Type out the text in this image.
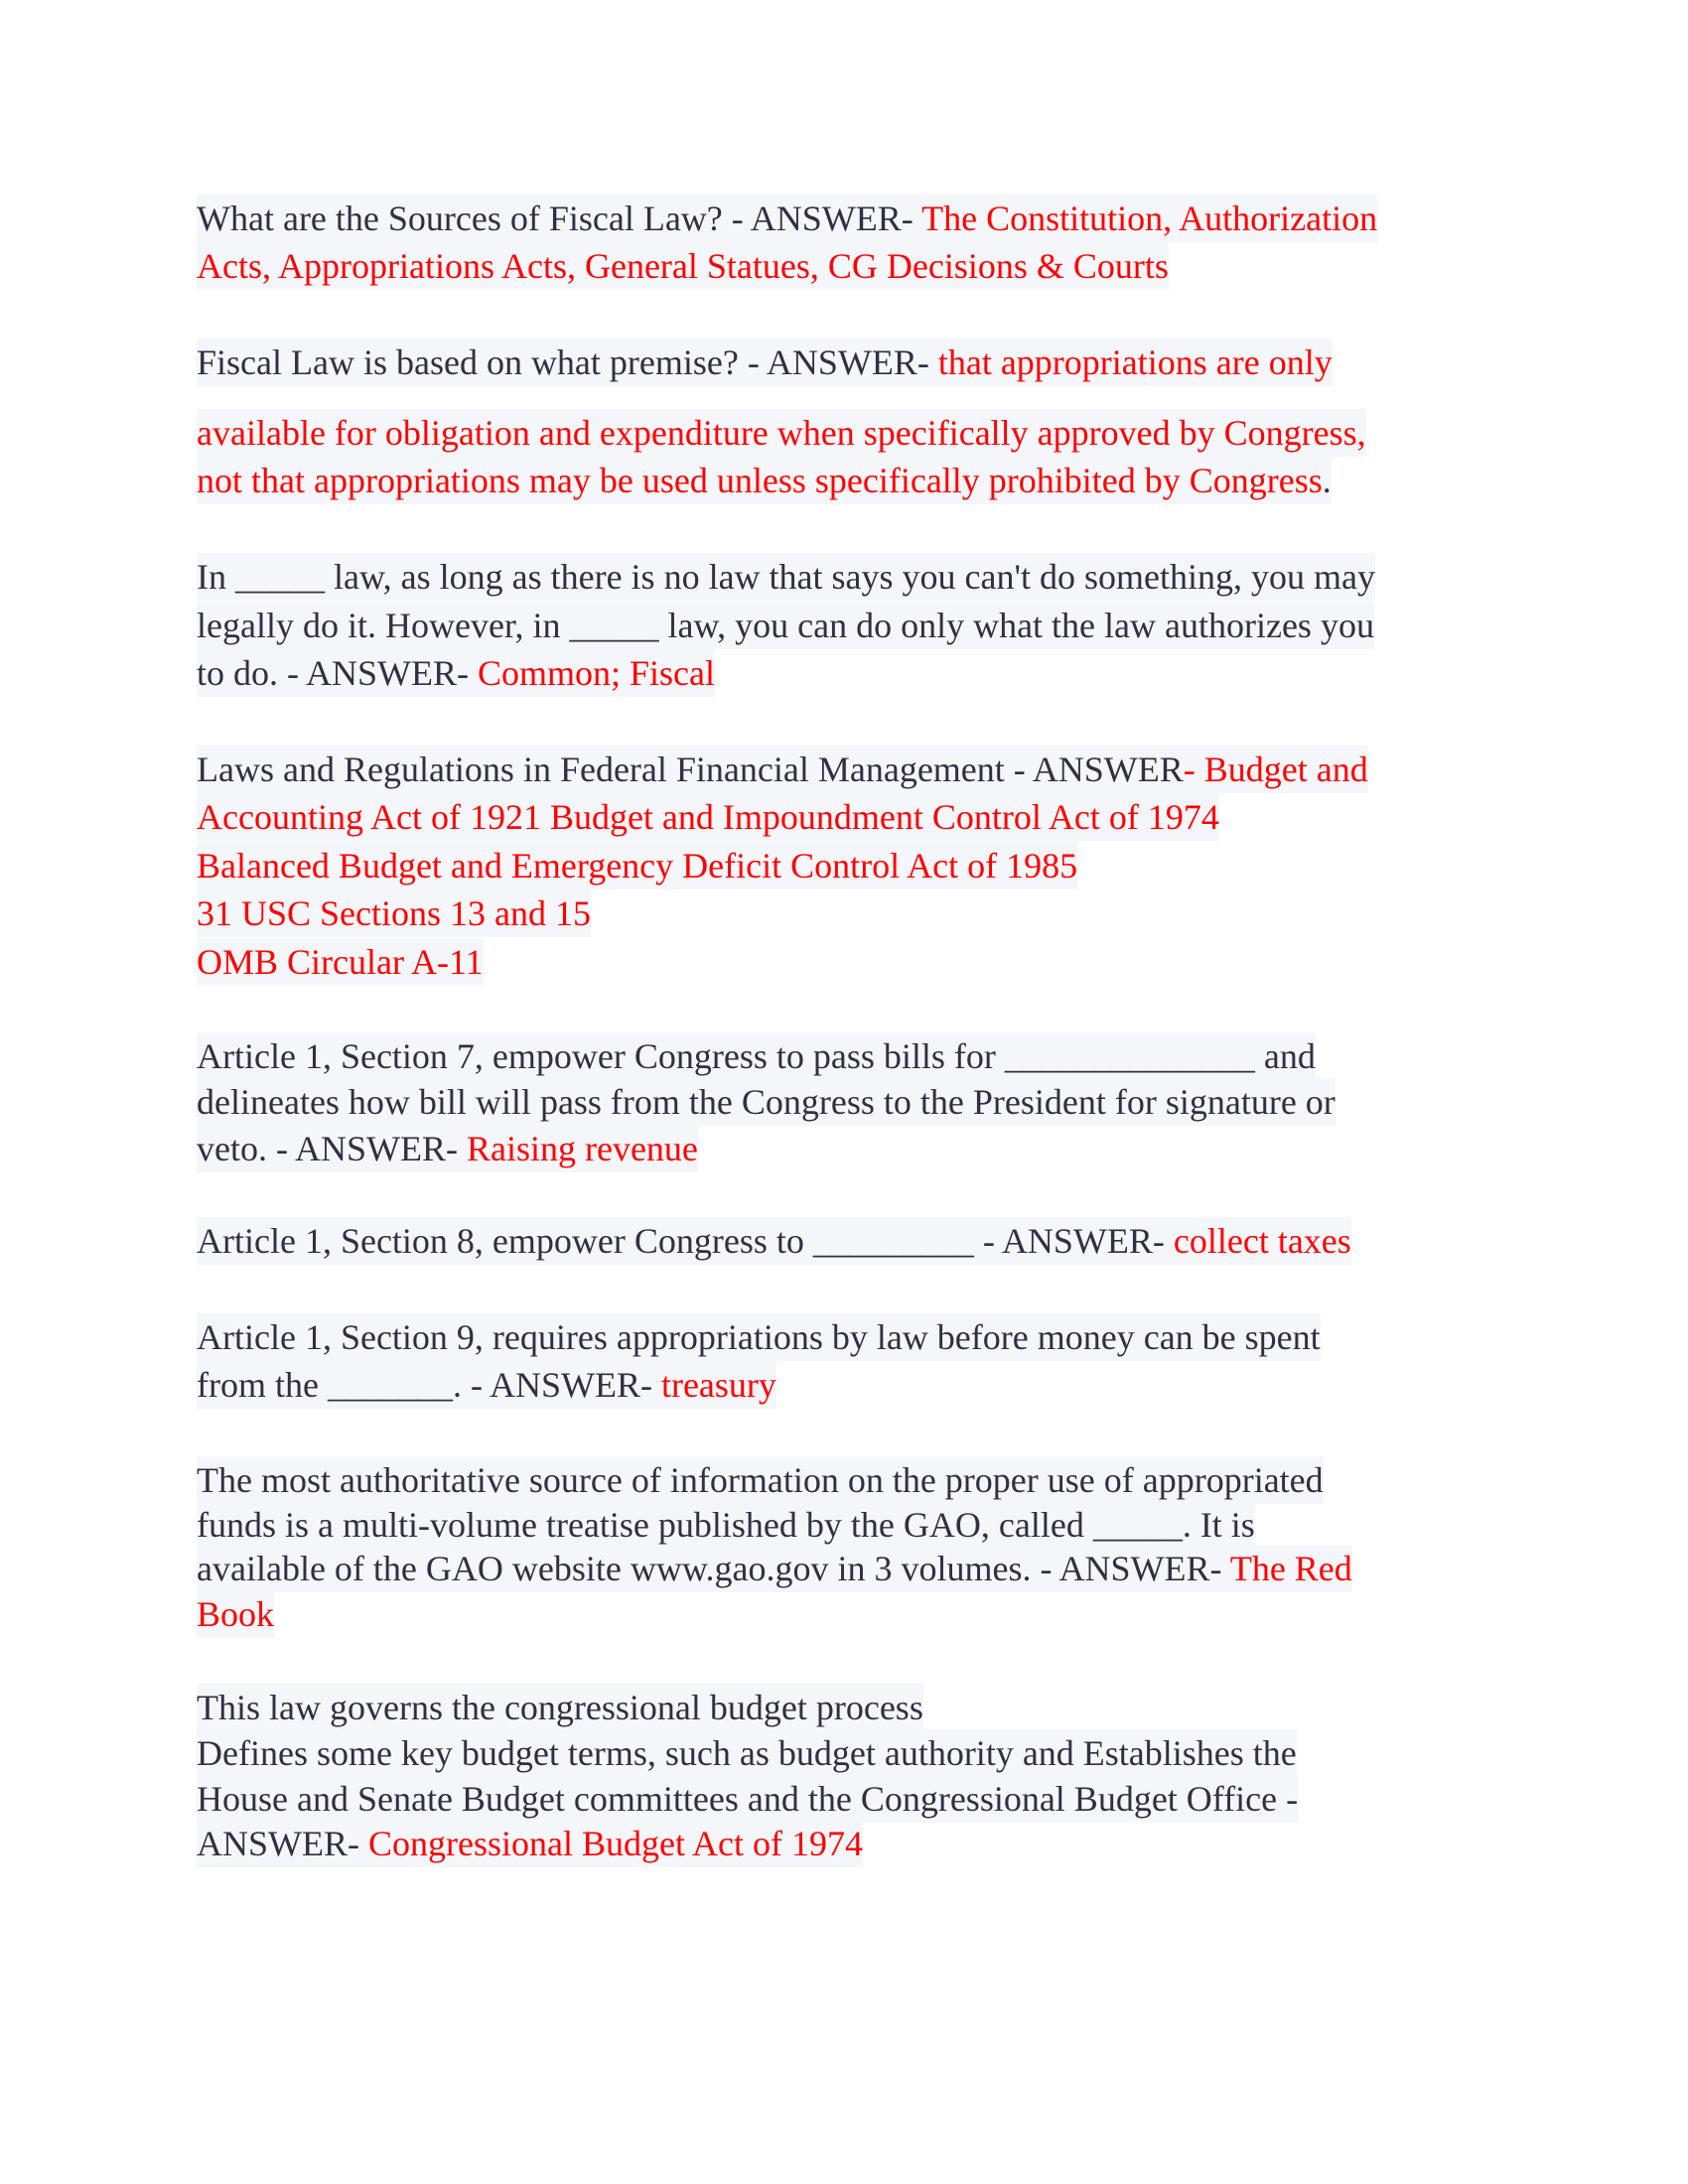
What are the Sources of Fiscal Law? - ANSWER- The Constitution, Authorization
Acts, Appropriations Acts, General Statues, CG Decisions & Courts
Fiscal Law is based on what premise? - ANSWER- that appropriations are only
available for obligation and expenditure when specifically approved by Congress,
not that appropriations may be used unless specifically prohibited by Congress.
In _____ law, as long as there is no law that says you can't do something, you may
legally do it. However, in _____ law, you can do only what the law authorizes you
to do. - ANSWER- Common; Fiscal
Laws and Regulations in Federal Financial Management - ANSWER- Budget and
Accounting Act of 1921 Budget and Impoundment Control Act of 1974
Balanced Budget and Emergency Deficit Control Act of 1985
31 USC Sections 13 and 15
OMB Circular A-11
Article 1, Section 7, empower Congress to pass bills for ______________ and
delineates how bill will pass from the Congress to the President for signature or
veto. - ANSWER- Raising revenue
Article 1, Section 8, empower Congress to _________ - ANSWER- collect taxes
Article 1, Section 9, requires appropriations by law before money can be spent
from the _______. - ANSWER- treasury
The most authoritative source of information on the proper use of appropriated
funds is a multi-volume treatise published by the GAO, called _____. It is
available of the GAO website www.gao.gov in 3 volumes. - ANSWER- The Red
Book
This law governs the congressional budget process
Defines some key budget terms, such as budget authority and Establishes the
House and Senate Budget committees and the Congressional Budget Office -
ANSWER- Congressional Budget Act of 1974
